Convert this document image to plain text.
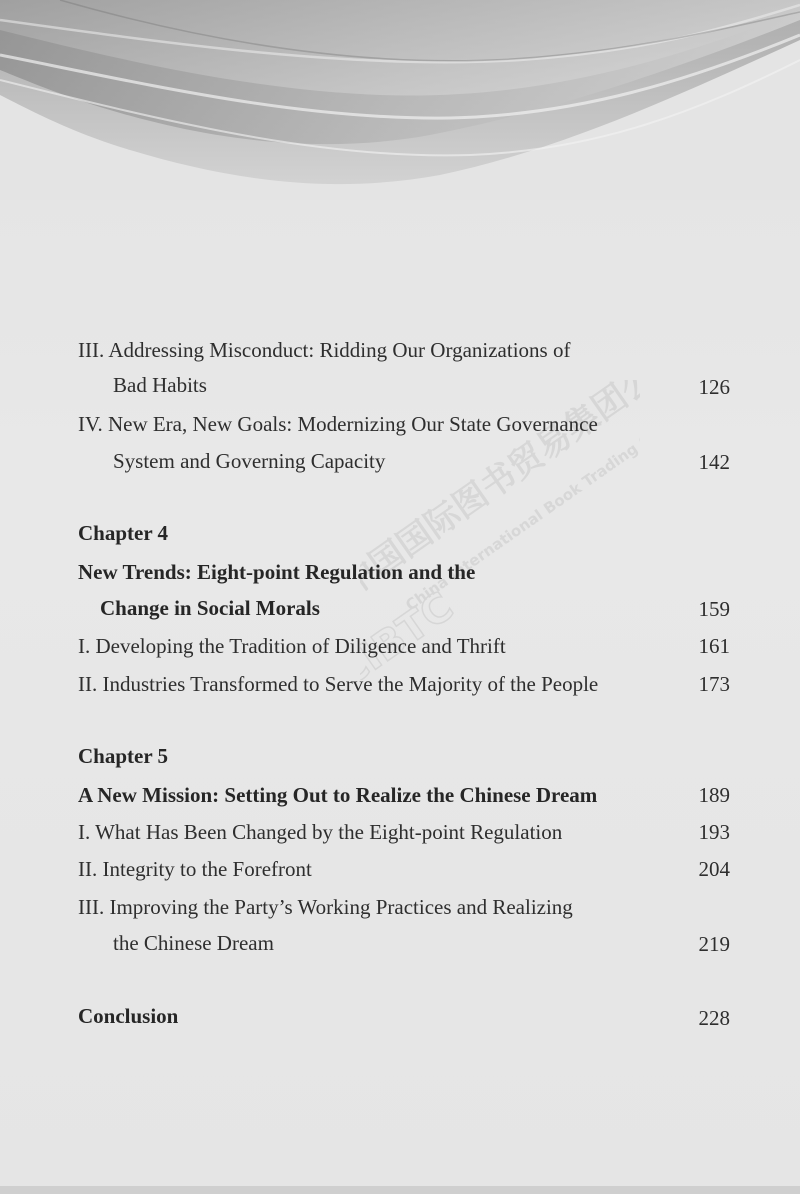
中国国际图书贸易集团公司
China International Book Trading Corporation
CIBTC
III. Addressing Misconduct: Ridding Our Organizations of
Bad Habits	126
IV. New Era, New Goals: Modernizing Our State Governance
System and Governing Capacity	142
Chapter 4
New Trends: Eight-point Regulation and the
Change in Social Morals	159
I. Developing the Tradition of Diligence and Thrift	161
II. Industries Transformed to Serve the Majority of the People	173
Chapter 5
A New Mission: Setting Out to Realize the Chinese Dream	189
I. What Has Been Changed by the Eight-point Regulation	193
II. Integrity to the Forefront	204
III. Improving the Party’s Working Practices and Realizing
the Chinese Dream	219
Conclusion	228
